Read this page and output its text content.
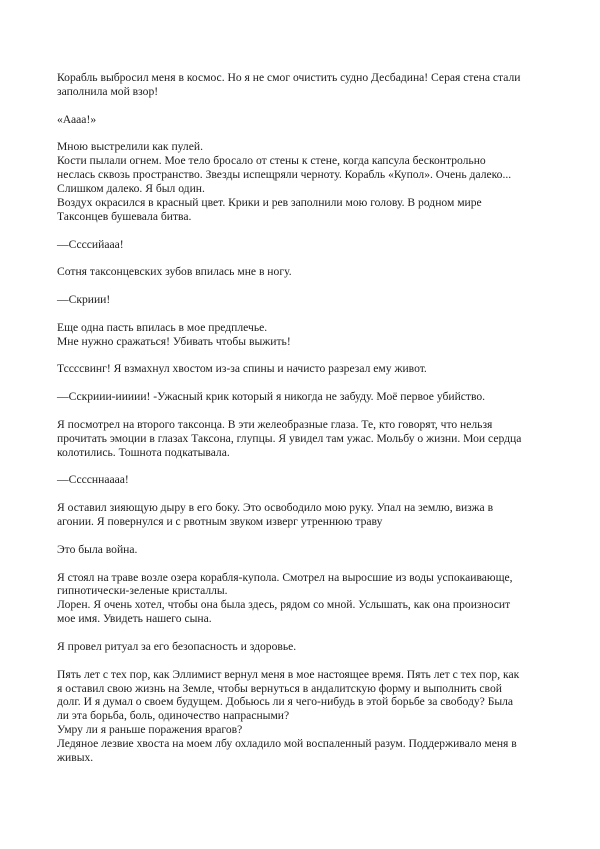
Корабль выбросил меня в космос. Но я не смог очистить судно Десбадина! Серая стена стали
заполнила мой взор!
«Аааа!»
Мною выстрелили как пулей.
Кости пылали огнем. Мое тело бросало от стены к стене, когда капсула бесконтрольно
неслась сквозь пространство. Звезды испещряли черноту. Корабль «Купол». Очень далеко...
Слишком далеко. Я был один.
Воздух окрасился в красный цвет. Крики и рев заполнили мою голову. В родном мире
Таксонцев бушевала битва.
—Ссссийааа!
Сотня таксонцевских зубов впилась мне в ногу.
—Скриии!
Еще одна пасть впилась в мое предплечье.
Мне нужно сражаться! Убивать чтобы выжить!
Тссссвинг! Я взмахнул хвостом из-за спины и начисто разрезал ему живот.
—Сскриии-иииии! -Ужасный крик который я никогда не забуду. Моё первое убийство.
Я посмотрел на второго таксонца. В эти желеобразные глаза. Те, кто говорят, что нельзя
прочитать эмоции в глазах Таксона, глупцы. Я увидел там ужас. Мольбу о жизни. Мои сердца
колотились. Тошнота подкатывала.
—Ссссннаааа!
Я оставил зияющую дыру в его боку. Это освободило мою руку. Упал на землю, визжа в
агонии. Я повернулся и с рвотным звуком изверг утреннюю траву
Это была война.
Я стоял на траве возле озера корабля-купола. Смотрел на выросшие из воды успокаивающе,
гипнотически-зеленые кристаллы.
Лорен. Я очень хотел, чтобы она была здесь, рядом со мной. Услышать, как она произносит
мое имя. Увидеть нашего сына.
Я провел ритуал за его безопасность и здоровье.
Пять лет с тех пор, как Эллимист вернул меня в мое настоящее время. Пять лет с тех пор, как
я оставил свою жизнь на Земле, чтобы вернуться в андалитскую форму и выполнить свой
долг. И я думал о своем будущем. Добьюсь ли я чего-нибудь в этой борьбе за свободу? Была
ли эта борьба, боль, одиночество напрасными?
Умру ли я раньше поражения врагов?
Ледяное лезвие хвоста на моем лбу охладило мой воспаленный разум. Поддерживало меня в
живых.
